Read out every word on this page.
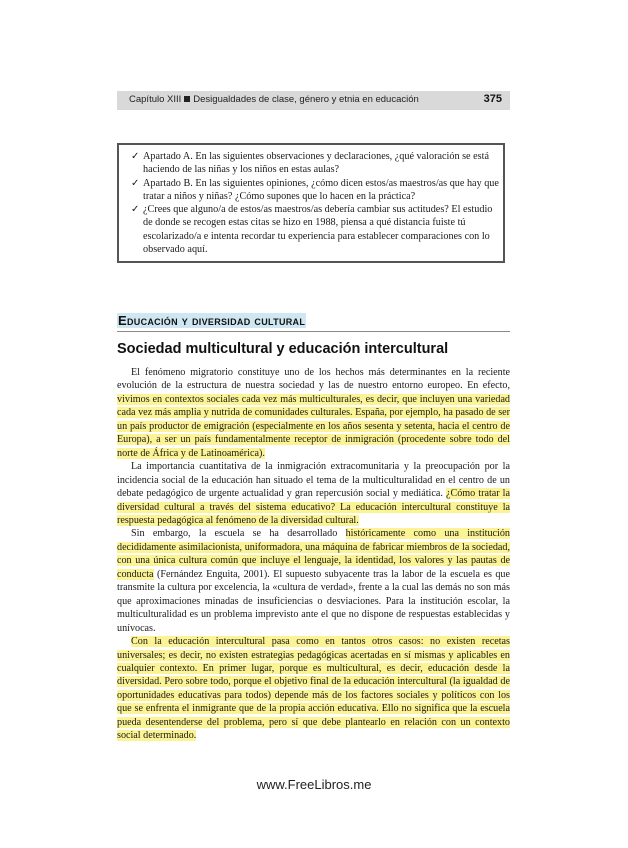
Capítulo XIII Desigualdades de clase, género y etnia en educación	375
✓ Apartado A. En las siguientes observaciones y declaraciones, ¿qué valoración se está haciendo de las niñas y los niños en estas aulas?
✓ Apartado B. En las siguientes opiniones, ¿cómo dicen estos/as maestros/as que hay que tratar a niños y niñas? ¿Cómo supones que lo hacen en la práctica?
✓ ¿Crees que alguno/a de estos/as maestros/as debería cambiar sus actitudes? El estudio de donde se recogen estas citas se hizo en 1988, piensa a qué distancia fuiste tú escolarizado/a e intenta recordar tu experiencia para establecer comparaciones con lo observado aquí.
Educación y diversidad cultural
Sociedad multicultural y educación intercultural

El fenómeno migratorio constituye uno de los hechos más determinantes en la reciente evolución de la estructura de nuestra sociedad y las de nuestro entorno europeo. En efecto, vivimos en contextos sociales cada vez más multiculturales, es decir, que incluyen una variedad cada vez más amplia y nutrida de comunidades culturales. España, por ejemplo, ha pasado de ser un país productor de emigración (especialmente en los años sesenta y setenta, hacia el centro de Europa), a ser un país fundamentalmente receptor de inmigración (procedente sobre todo del norte de África y de Latinoamérica).

La importancia cuantitativa de la inmigración extracomunitaria y la preocupación por la incidencia social de la educación han situado el tema de la multiculturalidad en el centro de un debate pedagógico de urgente actualidad y gran repercusión social y mediática. ¿Cómo tratar la diversidad cultural a través del sistema educativo? La educación intercultural constituye la respuesta pedagógica al fenómeno de la diversidad cultural.

Sin embargo, la escuela se ha desarrollado históricamente como una institución decididamente asimilacionista, uniformadora, una máquina de fabricar miembros de la sociedad, con una única cultura común que incluye el lenguaje, la identidad, los valores y las pautas de conducta (Fernández Enguita, 2001). El supuesto subyacente tras la labor de la escuela es que transmite la cultura por excelencia, la «cultura de verdad», frente a la cual las demás no son más que aproximaciones minadas de insuficiencias o desviaciones. Para la institución escolar, la multiculturalidad es un problema imprevisto ante el que no dispone de respuestas establecidas y unívocas.

Con la educación intercultural pasa como en tantos otros casos: no existen recetas universales; es decir, no existen estrategias pedagógicas acertadas en sí mismas y aplicables en cualquier contexto. En primer lugar, porque es multicultural, es decir, educación desde la diversidad. Pero sobre todo, porque el objetivo final de la educación intercultural (la igualdad de oportunidades educativas para todos) depende más de los factores sociales y políticos con los que se enfrenta el inmigrante que de la propia acción educativa. Ello no significa que la escuela pueda desentenderse del problema, pero sí que debe plantearlo en relación con un contexto social determinado.

www.FreeLibros.me
